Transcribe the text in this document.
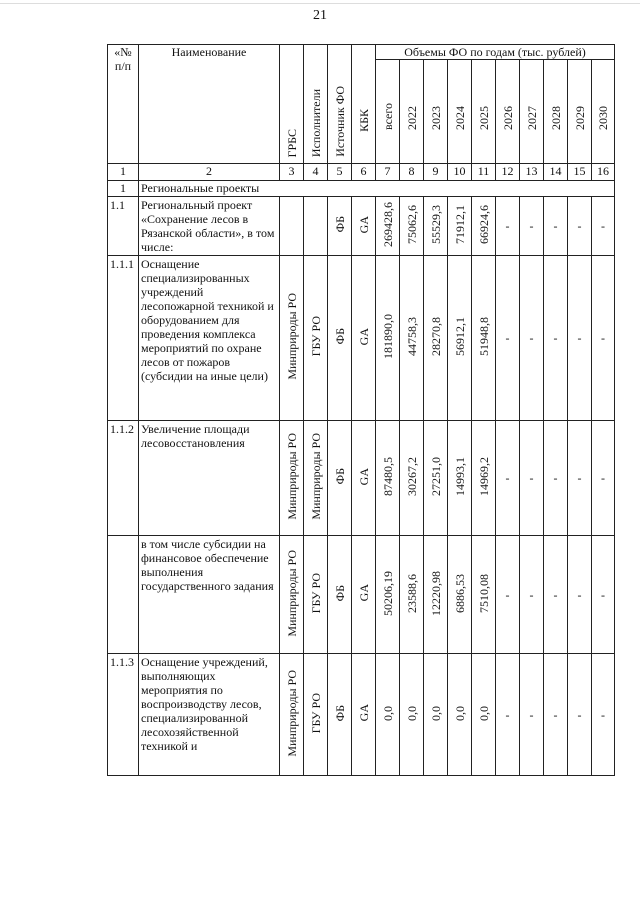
21
«№ п/п	Наименование	ГРБС	Исполнители	Источник ФО	КБК	Объемы ФО по годам (тыс. рублей)									
						всего	2022	2023	2024	2025	2026	2027	2028	2029	2030
1	2	3	4	5	6	7	8	9	10	11	12	13	14	15	16
1	Региональные проекты														
1.1	Региональный проект «Сохранение лесов в Рязанской области», в том числе:			ФБ	GA	269428,6	75062,6	55529,3	71912,1	66924,6	-	-	-	-	-
1.1.1	Оснащение специализированных учреждений лесопожарной техникой и оборудованием для проведения комплекса мероприятий по охране лесов от пожаров (субсидии на иные цели)	Минприроды РО	ГБУ РО	ФБ	GA	181890,0	44758,3	28270,8	56912,1	51948,8	-	-	-	-	-
1.1.2	Увеличение площади лесовосстановления	Минприроды РО	Минприроды РО	ФБ	GA	87480,5	30267,2	27251,0	14993,1	14969,2	-	-	-	-	-
	в том числе субсидии на финансовое обеспечение выполнения государственного задания	Минприроды РО	ГБУ РО	ФБ	GA	50206,19	23588,6	12220,98	6886,53	7510,08	-	-	-	-	-
1.1.3	Оснащение учреждений, выполняющих мероприятия по воспроизводству лесов, специализированной лесохозяйственной техникой и	Минприроды РО	ГБУ РО	ФБ	GA	0,0	0,0	0,0	0,0	0,0	-	-	-	-	-
